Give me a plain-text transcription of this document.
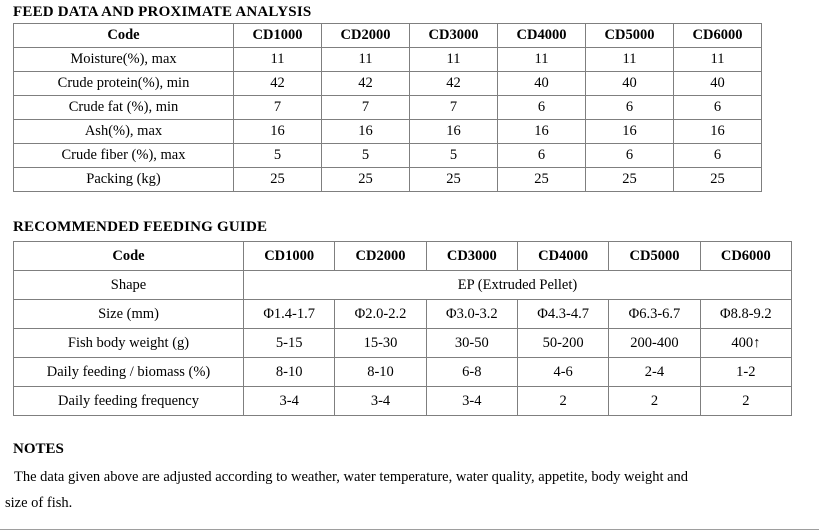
FEED DATA AND PROXIMATE ANALYSIS
Code	CD1000	CD2000	CD3000	CD4000	CD5000	CD6000
Moisture(%), max	11	11	11	11	11	11
Crude protein(%), min	42	42	42	40	40	40
Crude fat (%), min	7	7	7	6	6	6
Ash(%), max	16	16	16	16	16	16
Crude fiber (%), max	5	5	5	6	6	6
Packing (kg)	25	25	25	25	25	25
RECOMMENDED FEEDING GUIDE
Code	CD1000	CD2000	CD3000	CD4000	CD5000	CD6000
Shape	EP (Extruded Pellet)					
Size (mm)	Φ1.4-1.7	Φ2.0-2.2	Φ3.0-3.2	Φ4.3-4.7	Φ6.3-6.7	Φ8.8-9.2
Fish body weight (g)	5-15	15-30	30-50	50-200	200-400	400↑
Daily feeding / biomass (%)	8-10	8-10	6-8	4-6	2-4	1-2
Daily feeding frequency	3-4	3-4	3-4	2	2	2
NOTES
The data given above are adjusted according to weather, water temperature, water quality, appetite, body weight and
size of fish.
